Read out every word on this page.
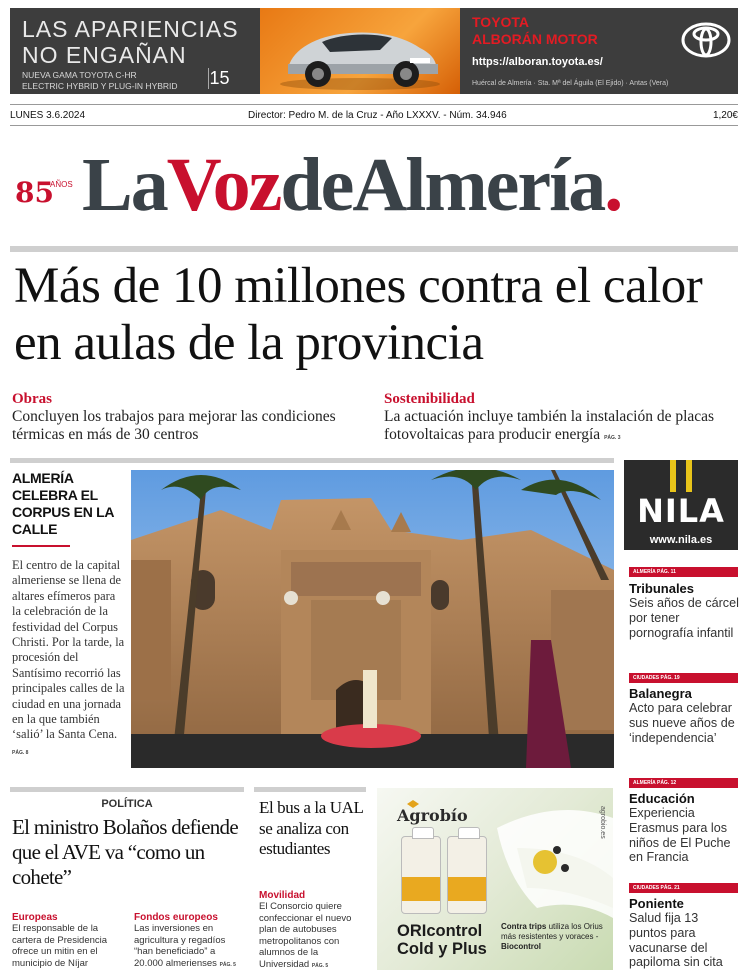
LAS APARIENCIAS
NO ENGAÑAN
NUEVA GAMA TOYOTA C-HR
ELECTRIC HYBRID Y PLUG-IN HYBRID 15
TOYOTA
ALBORÁN MOTOR
https://alboran.toyota.es/
Huércal de Almería · Sta. Mª del Águila (El Ejido) · Antas (Vera)
LUNES 3.6.2024	Director: Pedro M. de la Cruz - Año LXXXV. - Núm. 34.946	1,20€
85
AÑOS LaVozdeAlmería.
Más de 10 millones contra el calor en aulas de la provincia
Obras
Concluyen los trabajos para mejorar las condiciones térmicas en más de 30 centros
Sostenibilidad
La actuación incluye también la instalación de placas fotovoltaicas para producir energía PÁG. 3
ALMERÍA CELEBRA EL CORPUS EN LA CALLE
El centro de la capital almeriense se llena de altares efímeros para la celebración de la festividad del Corpus Christi. Por la tarde, la procesión del Santísimo recorrió las principales calles de la ciudad en una jornada en la que también ‘salió’ la Santa Cena. PÁG. 8
NILA
www.nila.es
ALMERÍA PÁG. 11
Tribunales
Seis años de cárcel por tener pornografía infantil
CIUDADES PÁG. 19
Balanegra
Acto para celebrar sus nueve años de ‘independencia’
ALMERÍA PÁG. 12
Educación
Experiencia Erasmus para los niños de El Puche en Francia
CIUDADES PÁG. 21
Poniente
Salud fija 13 puntos para vacunarse del papiloma sin cita
POLÍTICA
El ministro Bolaños defiende que el AVE va “como un cohete”
Europeas
El responsable de la cartera de Presidencia ofrece un mitin en el municipio de Níjar
Fondos europeos
Las inversiones en agricultura y regadíos “han beneficiado” a 20.000 almerienses PÁG. 5
El bus a la UAL se analiza con estudiantes
Movilidad
El Consorcio quiere confeccionar el nuevo plan de autobuses metropolitanos con alumnos de la Universidad PÁG. 5
Agrobío
ORIcontrol
Cold y Plus
Contra trips utiliza los Orius más resistentes y voraces - Biocontrol
agrobio.es
